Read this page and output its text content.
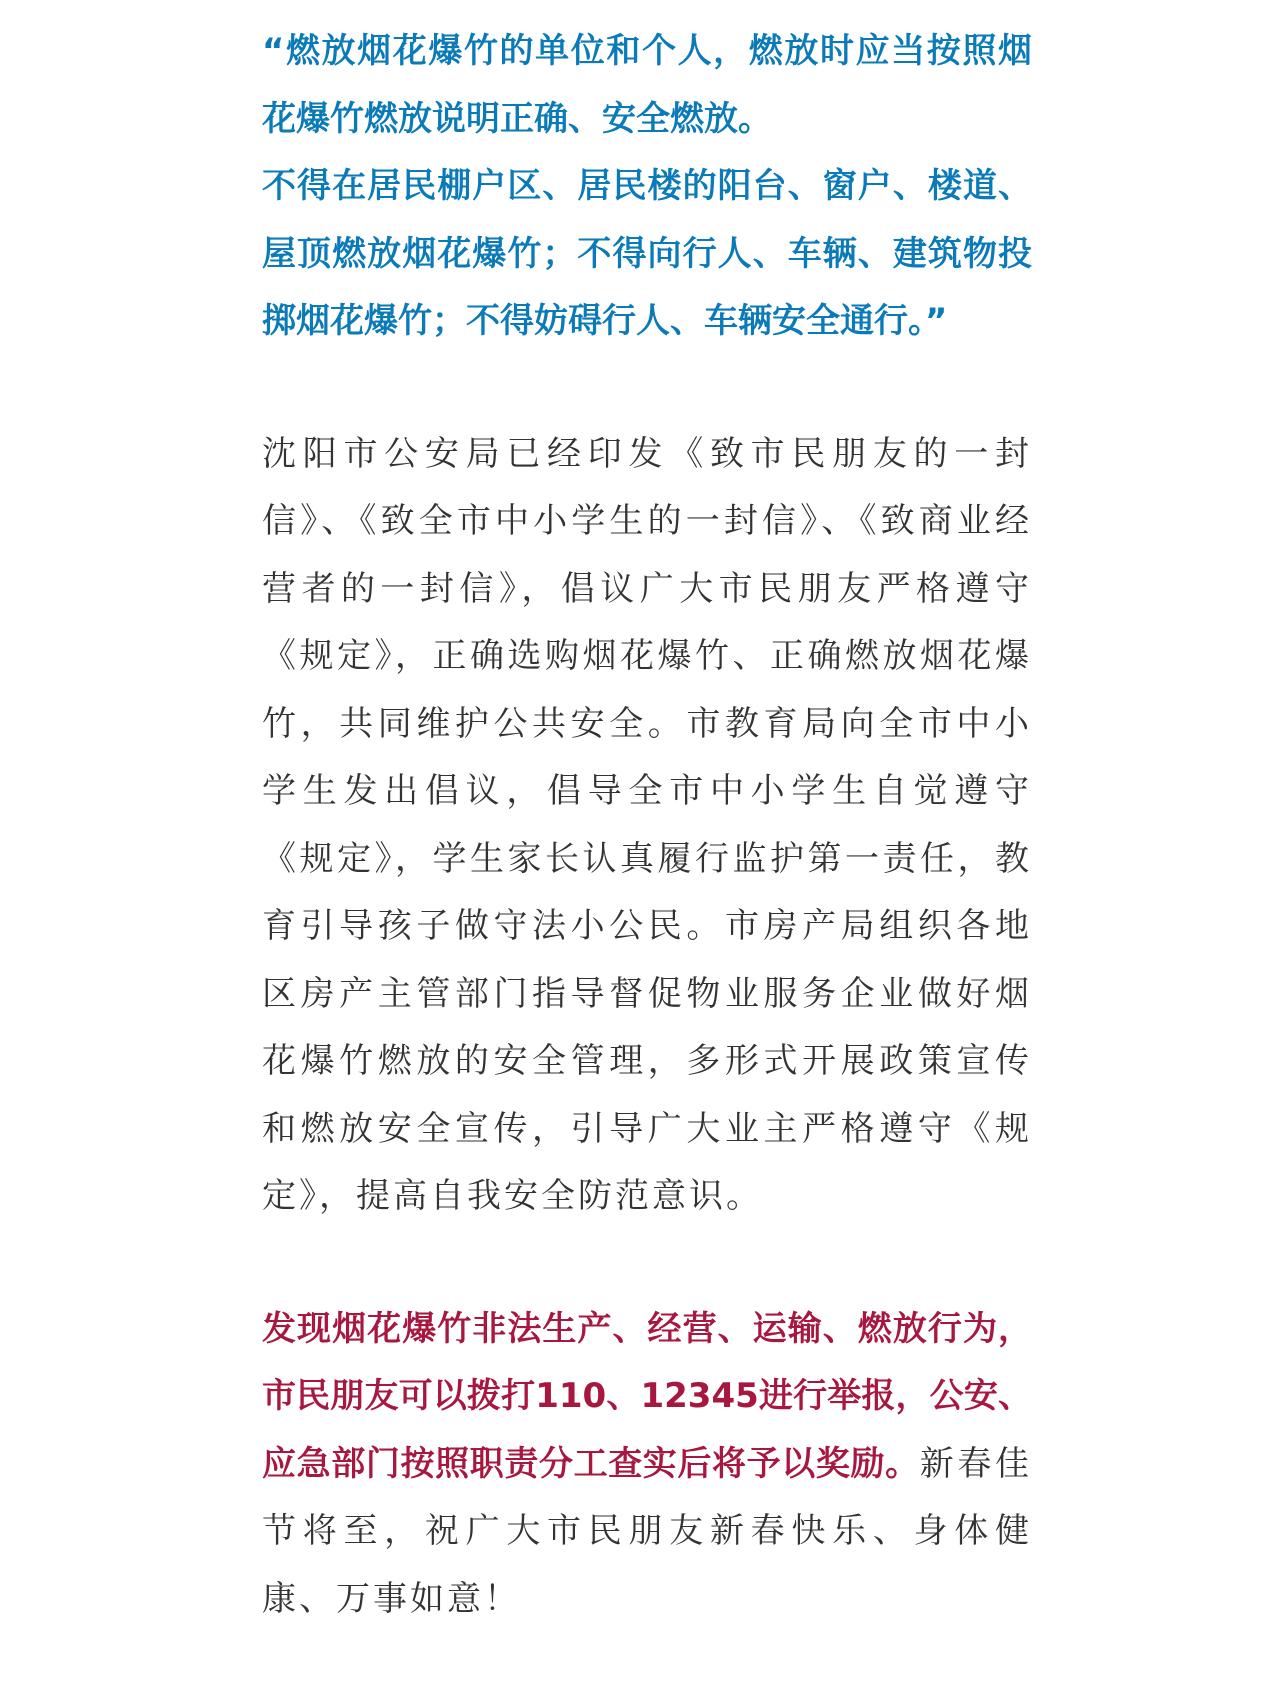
“燃放烟花爆竹的单位和个人，燃放时应当按照烟花爆竹燃放说明正确、安全燃放。
不得在居民棚户区、居民楼的阳台、窗户、楼道、屋顶燃放烟花爆竹；不得向行人、车辆、建筑物投掷烟花爆竹；不得妨碍行人、车辆安全通行。”

沈阳市公安局已经印发《致市民朋友的一封信》、《致全市中小学生的一封信》、《致商业经营者的一封信》，倡议广大市民朋友严格遵守《规定》，正确选购烟花爆竹、正确燃放烟花爆竹，共同维护公共安全。市教育局向全市中小学生发出倡议，倡导全市中小学生自觉遵守《规定》，学生家长认真履行监护第一责任，教育引导孩子做守法小公民。市房产局组织各地区房产主管部门指导督促物业服务企业做好烟花爆竹燃放的安全管理，多形式开展政策宣传和燃放安全宣传，引导广大业主严格遵守《规定》，提高自我安全防范意识。

发现烟花爆竹非法生产、经营、运输、燃放行为，市民朋友可以拨打110、12345进行举报，公安、应急部门按照职责分工查实后将予以奖励。新春佳节将至，祝广大市民朋友新春快乐、身体健康、万事如意！
